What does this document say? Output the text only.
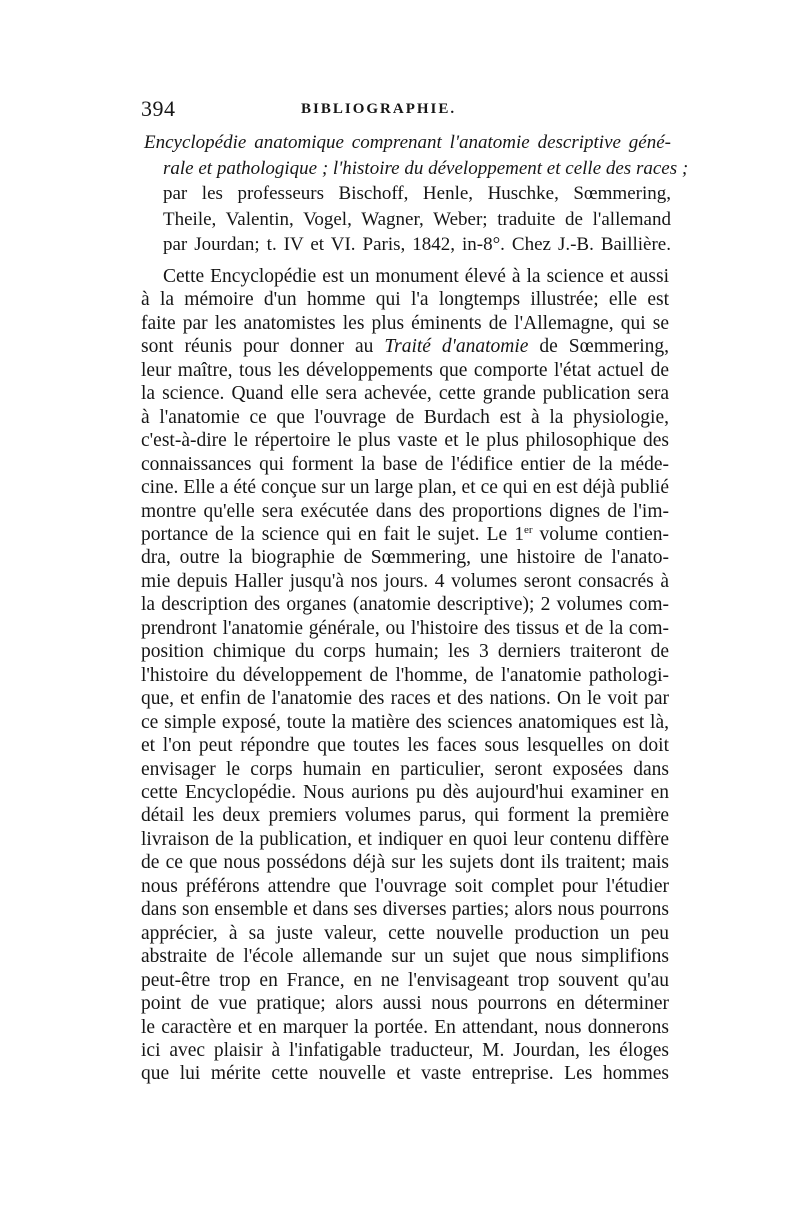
394	BIBLIOGRAPHIE.
Encyclopédie anatomique comprenant l'anatomie descriptive géné-
rale et pathologique ; l'histoire du développement et celle des races ;
par les professeurs Bischoff, Henle, Huschke, Sœmmering,
Theile, Valentin, Vogel, Wagner, Weber; traduite de l'allemand
par Jourdan; t. IV et VI. Paris, 1842, in-8°. Chez J.-B. Baillière.
Cette Encyclopédie est un monument élevé à la science et aussi
à la mémoire d'un homme qui l'a longtemps illustrée; elle est
faite par les anatomistes les plus éminents de l'Allemagne, qui se
sont réunis pour donner au Traité d'anatomie de Sœmmering,
leur maître, tous les développements que comporte l'état actuel de
la science. Quand elle sera achevée, cette grande publication sera
à l'anatomie ce que l'ouvrage de Burdach est à la physiologie,
c'est-à-dire le répertoire le plus vaste et le plus philosophique des
connaissances qui forment la base de l'édifice entier de la méde-
cine. Elle a été conçue sur un large plan, et ce qui en est déjà publié
montre qu'elle sera exécutée dans des proportions dignes de l'im-
portance de la science qui en fait le sujet. Le 1er volume contien-
dra, outre la biographie de Sœmmering, une histoire de l'anato-
mie depuis Haller jusqu'à nos jours. 4 volumes seront consacrés à
la description des organes (anatomie descriptive); 2 volumes com-
prendront l'anatomie générale, ou l'histoire des tissus et de la com-
position chimique du corps humain; les 3 derniers traiteront de
l'histoire du développement de l'homme, de l'anatomie pathologi-
que, et enfin de l'anatomie des races et des nations. On le voit par
ce simple exposé, toute la matière des sciences anatomiques est là,
et l'on peut répondre que toutes les faces sous lesquelles on doit
envisager le corps humain en particulier, seront exposées dans
cette Encyclopédie. Nous aurions pu dès aujourd'hui examiner en
détail les deux premiers volumes parus, qui forment la première
livraison de la publication, et indiquer en quoi leur contenu diffère
de ce que nous possédons déjà sur les sujets dont ils traitent; mais
nous préférons attendre que l'ouvrage soit complet pour l'étudier
dans son ensemble et dans ses diverses parties; alors nous pourrons
apprécier, à sa juste valeur, cette nouvelle production un peu
abstraite de l'école allemande sur un sujet que nous simplifions
peut-être trop en France, en ne l'envisageant trop souvent qu'au
point de vue pratique; alors aussi nous pourrons en déterminer
le caractère et en marquer la portée. En attendant, nous donnerons
ici avec plaisir à l'infatigable traducteur, M. Jourdan, les éloges
que lui mérite cette nouvelle et vaste entreprise. Les hommes
